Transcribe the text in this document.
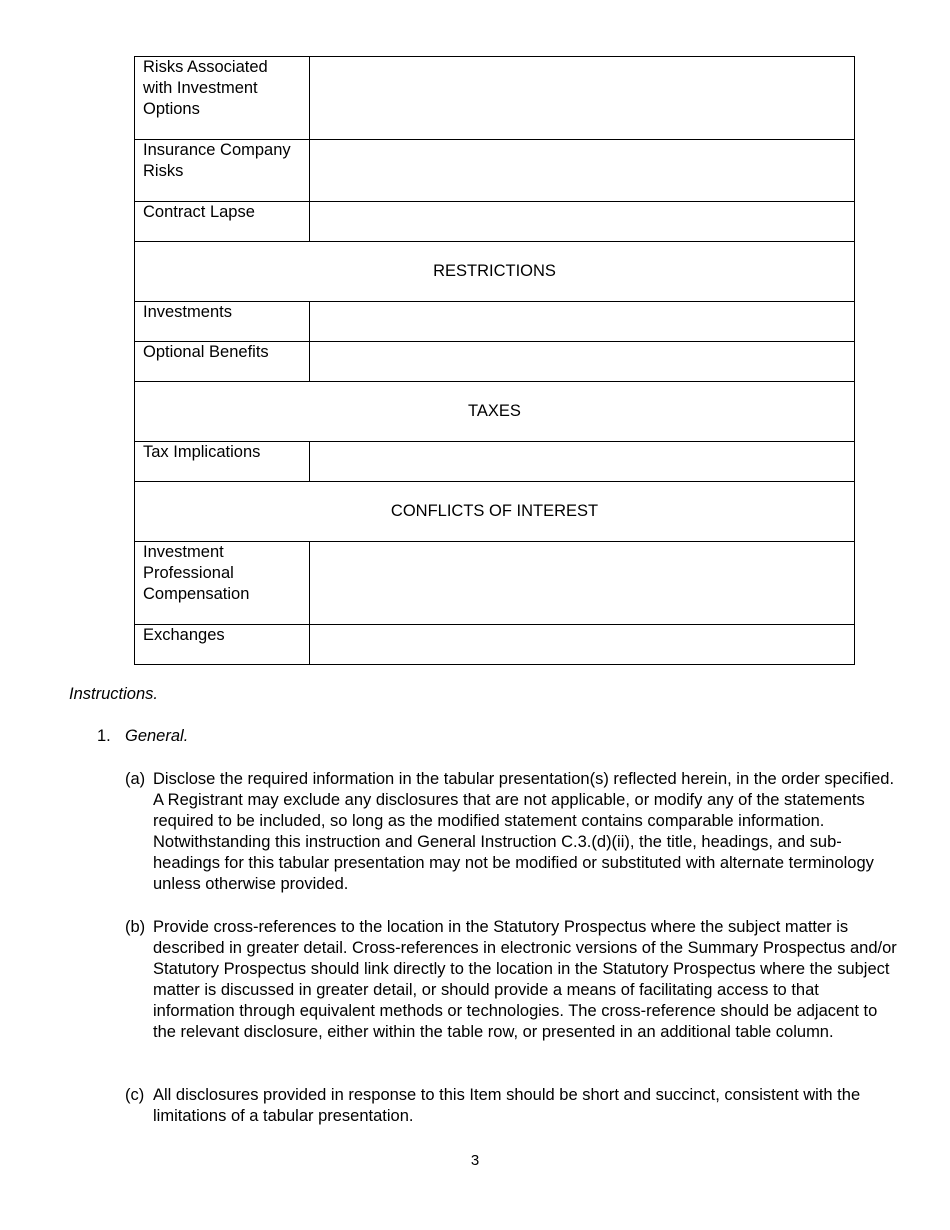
Risks Associated with Investment Options	
Insurance Company Risks	
Contract Lapse	
RESTRICTIONS	
Investments	
Optional Benefits	
TAXES	
Tax Implications	
CONFLICTS OF INTEREST	
Investment Professional Compensation	
Exchanges	

Instructions.

1. General.
(a) Disclose the required information in the tabular presentation(s) reflected herein, in the order specified. A Registrant may exclude any disclosures that are not applicable, or modify any of the statements required to be included, so long as the modified statement contains comparable information. Notwithstanding this instruction and General Instruction C.3.(d)(ii), the title, headings, and sub-headings for this tabular presentation may not be modified or substituted with alternate terminology unless otherwise provided.
(b) Provide cross-references to the location in the Statutory Prospectus where the subject matter is described in greater detail. Cross-references in electronic versions of the Summary Prospectus and/or Statutory Prospectus should link directly to the location in the Statutory Prospectus where the subject matter is discussed in greater detail, or should provide a means of facilitating access to that information through equivalent methods or technologies. The cross-reference should be adjacent to the relevant disclosure, either within the table row, or presented in an additional table column.
(c) All disclosures provided in response to this Item should be short and succinct, consistent with the limitations of a tabular presentation.
3
